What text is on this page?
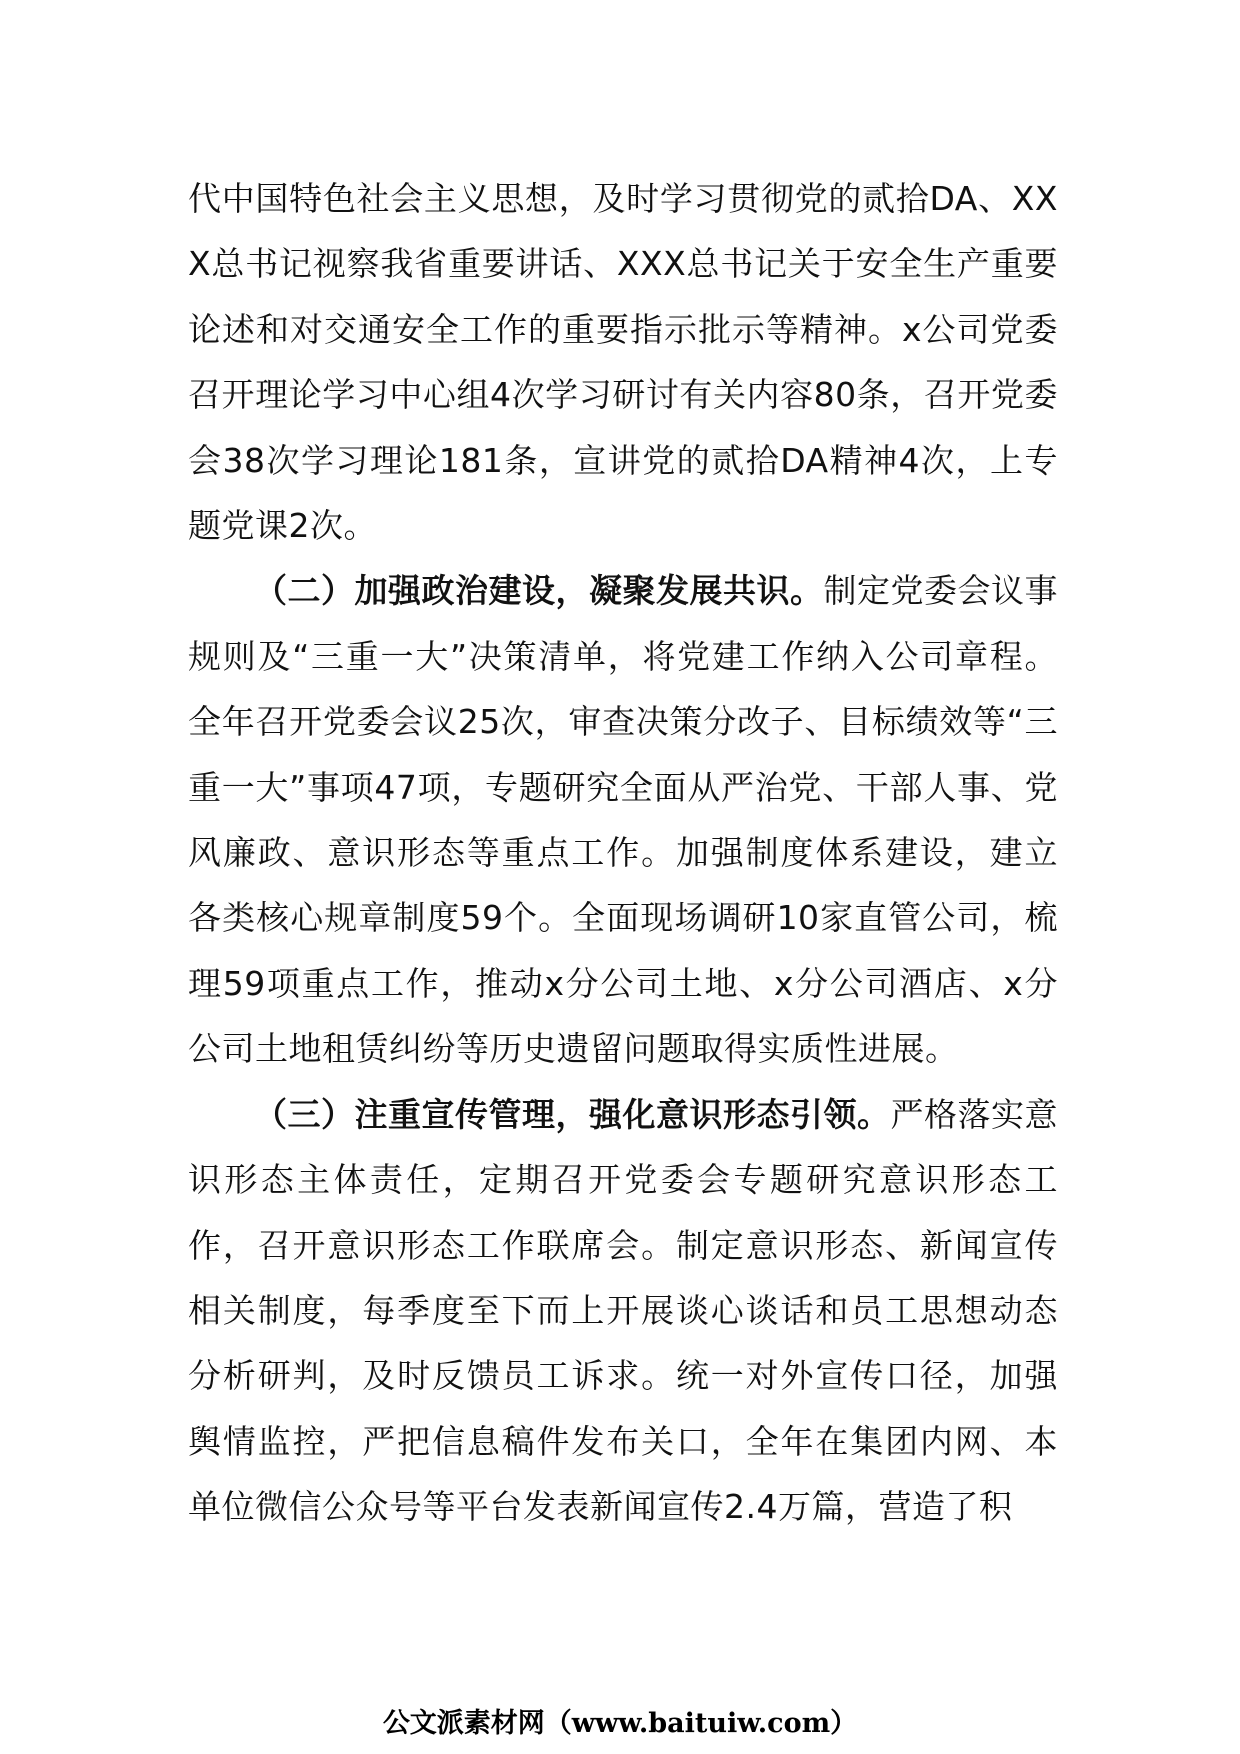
代中国特色社会主义思想，及时学习贯彻党的贰拾DA、XXX总书记视察我省重要讲话、XXX总书记关于安全生产重要论述和对交通安全工作的重要指示批示等精神。x公司党委召开理论学习中心组4次学习研讨有关内容80条，召开党委会38次学习理论181条，宣讲党的贰拾DA精神4次，上专题党课2次。

（二）加强政治建设，凝聚发展共识。制定党委会议事规则及“三重一大”决策清单，将党建工作纳入公司章程。全年召开党委会议25次，审查决策分改子、目标绩效等“三重一大”事项47项，专题研究全面从严治党、干部人事、党风廉政、意识形态等重点工作。加强制度体系建设，建立各类核心规章制度59个。全面现场调研10家直管公司，梳理59项重点工作，推动x分公司土地、x分公司酒店、x分公司土地租赁纠纷等历史遗留问题取得实质性进展。

（三）注重宣传管理，强化意识形态引领。严格落实意识形态主体责任，定期召开党委会专题研究意识形态工作，召开意识形态工作联席会。制定意识形态、新闻宣传相关制度，每季度至下而上开展谈心谈话和员工思想动态分析研判，及时反馈员工诉求。统一对外宣传口径，加强舆情监控，严把信息稿件发布关口，全年在集团内网、本单位微信公众号等平台发表新闻宣传2.4万篇，营造了积

公文派素材网（www.baituiw.com）
